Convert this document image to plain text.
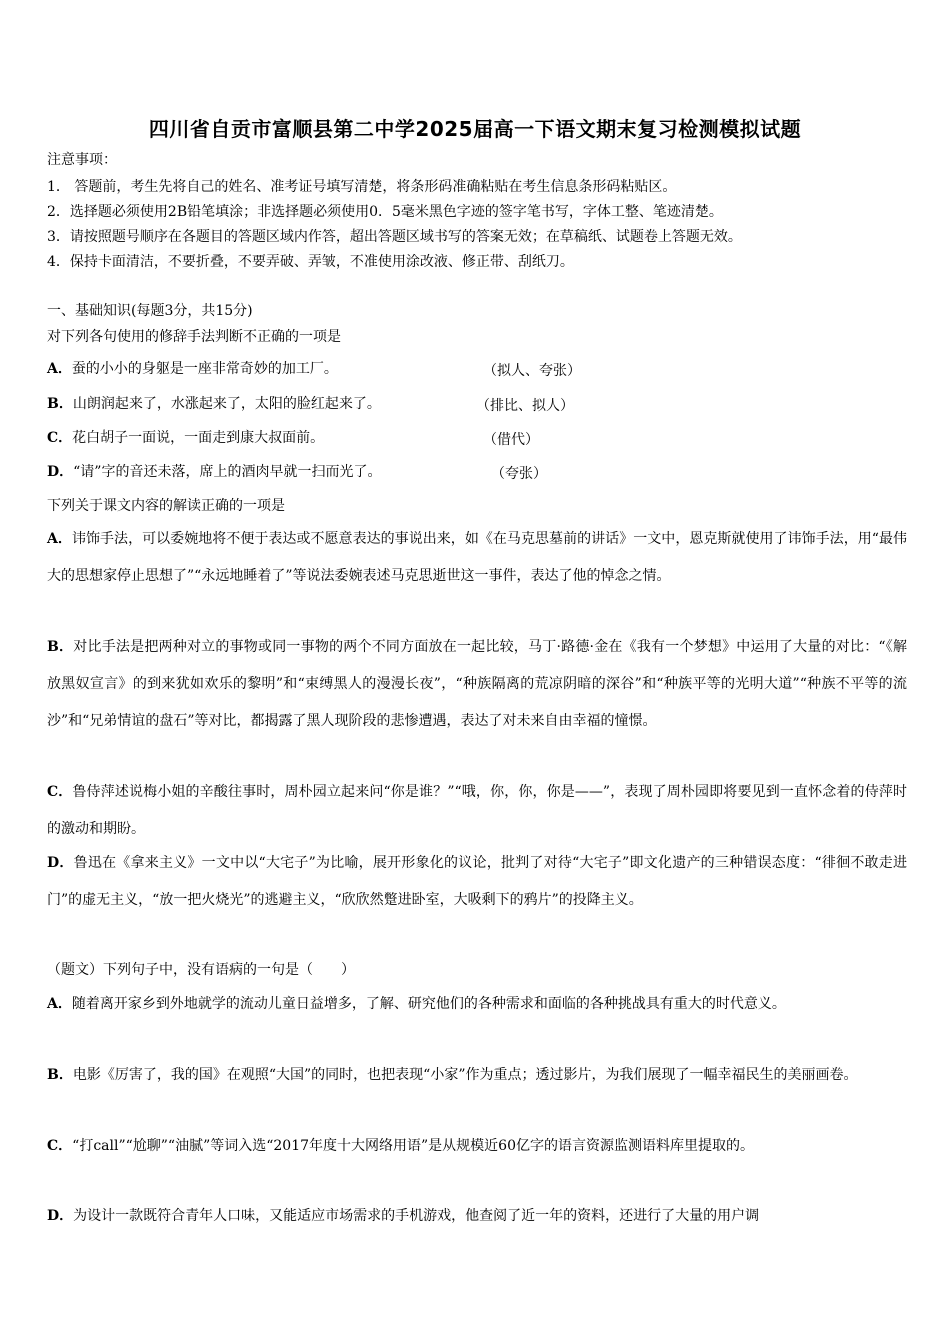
四川省自贡市富顺县第二中学2025届高一下语文期末复习检测模拟试题
注意事项：
1． 答题前，考生先将自己的姓名、准考证号填写清楚，将条形码准确粘贴在考生信息条形码粘贴区。
2．选择题必须使用2B铅笔填涂；非选择题必须使用0．5毫米黑色字迹的签字笔书写，字体工整、笔迹清楚。
3．请按照题号顺序在各题目的答题区域内作答，超出答题区域书写的答案无效；在草稿纸、试题卷上答题无效。
4．保持卡面清洁，不要折叠，不要弄破、弄皱，不准使用涂改液、修正带、刮纸刀。
一、基础知识(每题3分，共15分)
对下列各句使用的修辞手法判断不正确的一项是
A．蚕的小小的身躯是一座非常奇妙的加工厂。	（拟人、夸张）
B．山朗润起来了，水涨起来了，太阳的脸红起来了。	（排比、拟人）
C．花白胡子一面说，一面走到康大叔面前。	（借代）
D．“请”字的音还未落，席上的酒肉早就一扫而光了。	（夸张）
下列关于课文内容的解读正确的一项是
A．讳饰手法，可以委婉地将不便于表达或不愿意表达的事说出来，如《在马克思墓前的讲话》一文中，恩克斯就使用了讳饰手法，用“最伟大的思想家停止思想了”“永远地睡着了”等说法委婉表述马克思逝世这一事件，表达了他的悼念之情。
B．对比手法是把两种对立的事物或同一事物的两个不同方面放在一起比较，马丁·路德·金在《我有一个梦想》中运用了大量的对比：“《解放黑奴宣言》的到来犹如欢乐的黎明”和“束缚黑人的漫漫长夜”，“种族隔离的荒凉阴暗的深谷”和“种族平等的光明大道”“种族不平等的流沙”和“兄弟情谊的盘石”等对比，都揭露了黑人现阶段的悲惨遭遇，表达了对未来自由幸福的憧憬。
C．鲁侍萍述说梅小姐的辛酸往事时，周朴园立起来问“你是谁？”“哦，你，你，你是——”，表现了周朴园即将要见到一直怀念着的侍萍时的激动和期盼。
D．鲁迅在《拿来主义》一文中以“大宅子”为比喻，展开形象化的议论，批判了对待“大宅子”即文化遗产的三种错误态度：“徘徊不敢走进门”的虚无主义，“放一把火烧光”的逃避主义，“欣欣然蹩进卧室，大吸剩下的鸦片”的投降主义。
（题文）下列句子中，没有语病的一句是（　　）
A．随着离开家乡到外地就学的流动儿童日益增多，了解、研究他们的各种需求和面临的各种挑战具有重大的时代意义。
B．电影《厉害了，我的国》在观照“大国”的同时，也把表现“小家”作为重点；透过影片，为我们展现了一幅幸福民生的美丽画卷。
C．“打call”“尬聊”“油腻”等词入选“2017年度十大网络用语”是从规模近60亿字的语言资源监测语料库里提取的。
D．为设计一款既符合青年人口味，又能适应市场需求的手机游戏，他查阅了近一年的资料，还进行了大量的用户调
